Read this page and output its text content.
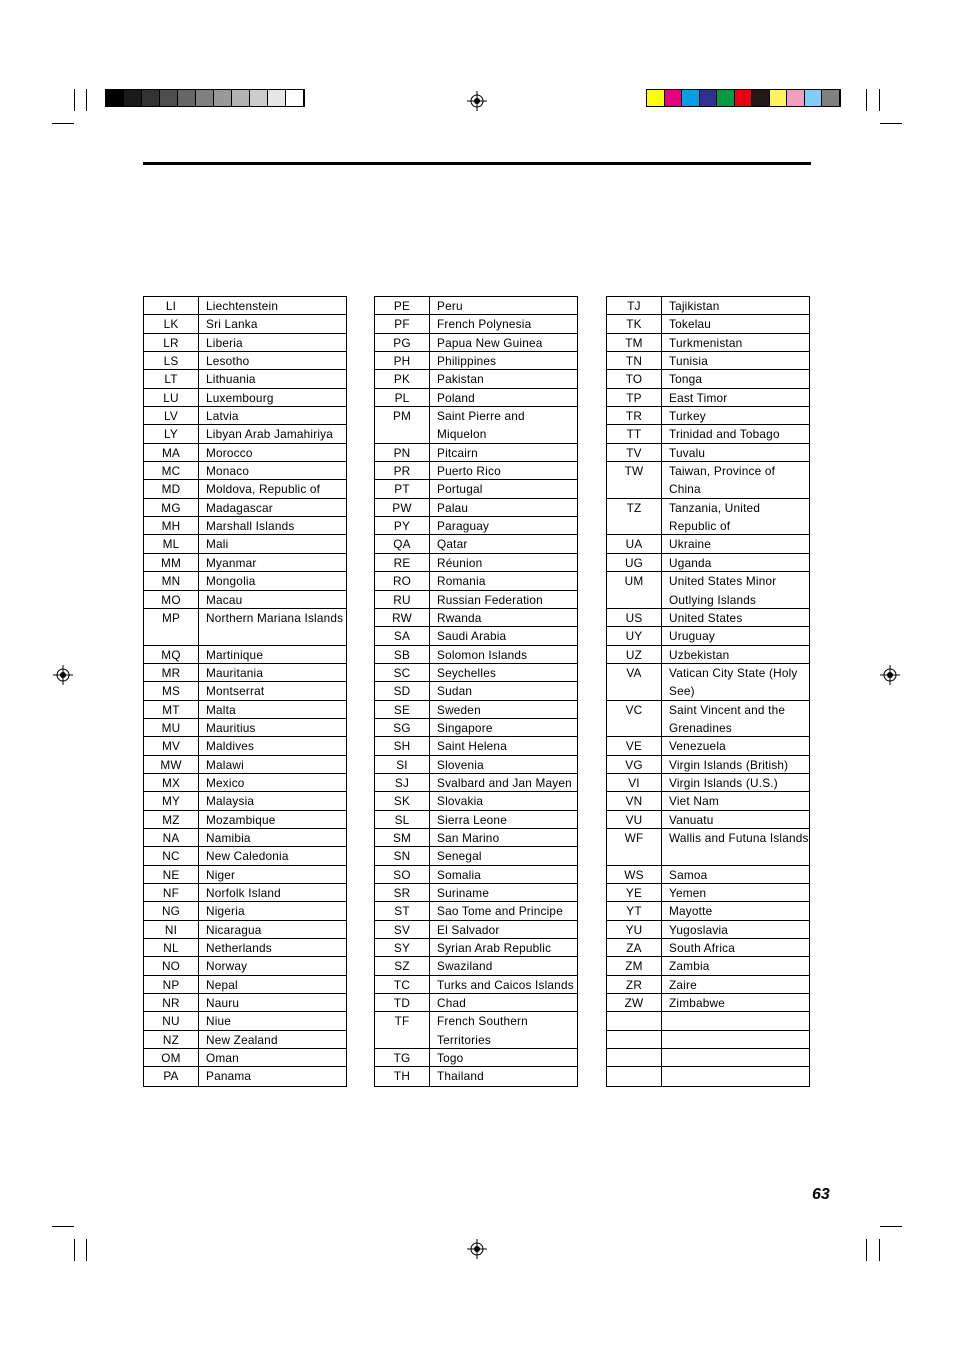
LI	Liechtenstein
LK	Sri Lanka
LR	Liberia
LS	Lesotho
LT	Lithuania
LU	Luxembourg
LV	Latvia
LY	Libyan Arab Jamahiriya
MA	Morocco
MC	Monaco
MD	Moldova, Republic of
MG	Madagascar
MH	Marshall Islands
ML	Mali
MM	Myanmar
MN	Mongolia
MO	Macau
MP	Northern Mariana Islands
MQ	Martinique
MR	Mauritania
MS	Montserrat
MT	Malta
MU	Mauritius
MV	Maldives
MW	Malawi
MX	Mexico
MY	Malaysia
MZ	Mozambique
NA	Namibia
NC	New Caledonia
NE	Niger
NF	Norfolk Island
NG	Nigeria
NI	Nicaragua
NL	Netherlands
NO	Norway
NP	Nepal
NR	Nauru
NU	Niue
NZ	New Zealand
OM	Oman
PA	Panama
PE	Peru
PF	French Polynesia
PG	Papua New Guinea
PH	Philippines
PK	Pakistan
PL	Poland
PM	Saint Pierre and Miquelon
PN	Pitcairn
PR	Puerto Rico
PT	Portugal
PW	Palau
PY	Paraguay
QA	Qatar
RE	Réunion
RO	Romania
RU	Russian Federation
RW	Rwanda
SA	Saudi Arabia
SB	Solomon Islands
SC	Seychelles
SD	Sudan
SE	Sweden
SG	Singapore
SH	Saint Helena
SI	Slovenia
SJ	Svalbard and Jan Mayen
SK	Slovakia
SL	Sierra Leone
SM	San Marino
SN	Senegal
SO	Somalia
SR	Suriname
ST	Sao Tome and Principe
SV	El Salvador
SY	Syrian Arab Republic
SZ	Swaziland
TC	Turks and Caicos Islands
TD	Chad
TF	French Southern Territories
TG	Togo
TH	Thailand
TJ	Tajikistan
TK	Tokelau
TM	Turkmenistan
TN	Tunisia
TO	Tonga
TP	East Timor
TR	Turkey
TT	Trinidad and Tobago
TV	Tuvalu
TW	Taiwan, Province of China
TZ	Tanzania, United Republic of
UA	Ukraine
UG	Uganda
UM	United States Minor Outlying Islands
US	United States
UY	Uruguay
UZ	Uzbekistan
VA	Vatican City State (Holy See)
VC	Saint Vincent and the Grenadines
VE	Venezuela
VG	Virgin Islands (British)
VI	Virgin Islands (U.S.)
VN	Viet Nam
VU	Vanuatu
WF	Wallis and Futuna Islands
WS	Samoa
YE	Yemen
YT	Mayotte
YU	Yugoslavia
ZA	South Africa
ZM	Zambia
ZR	Zaire
ZW	Zimbabwe
63
